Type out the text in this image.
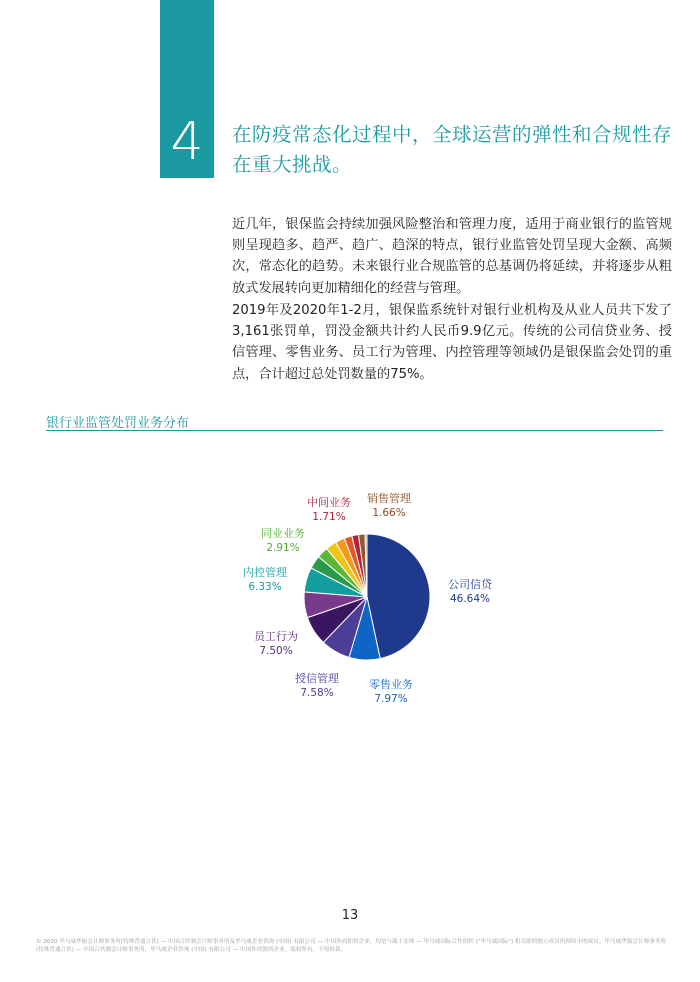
4	在防疫常态化过程中，全球运营的弹性和合规性存在重大挑战。

近几年，银保监会持续加强风险整治和管理力度，适用于商业银行的监管规则呈现趋多、趋严、趋广、趋深的特点，银行业监管处罚呈现大金额、高频次，常态化的趋势。未来银行业合规监管的总基调仍将延续，并将逐步从粗放式发展转向更加精细化的经营与管理。

2019年及2020年1-2月，银保监系统针对银行业机构及从业人员共下发了3,161张罚单，罚没金额共计约人民币9.9亿元。传统的公司信贷业务、授信管理、零售业务、员工行为管理、内控管理等领域仍是银保监会处罚的重点，合计超过总处罚数量的75%。

银行业监管处罚业务分布
公司信贷
46.64%
零售业务
7.97%
授信管理
7.58%
员工行为
7.50%
内控管理
6.33%
同业业务
2.91%
中间业务
1.71%
销售管理
1.66%
13
© 2020 毕马威华振会计师事务所(特殊普通合伙) — 中国合伙制会计师事务所及毕马威企业咨询 (中国) 有限公司 — 中国外商独资企业，均是与瑞士实体 — 毕马威国际合作组织 ("毕马威国际") 相关联的独立成员所网络中的成员。毕马威华振会计师事务所(特殊普通合伙) — 中国合伙制会计师事务所，毕马威企业咨询 (中国) 有限公司 — 中国外商独资企业。版权所有，不得转载。
